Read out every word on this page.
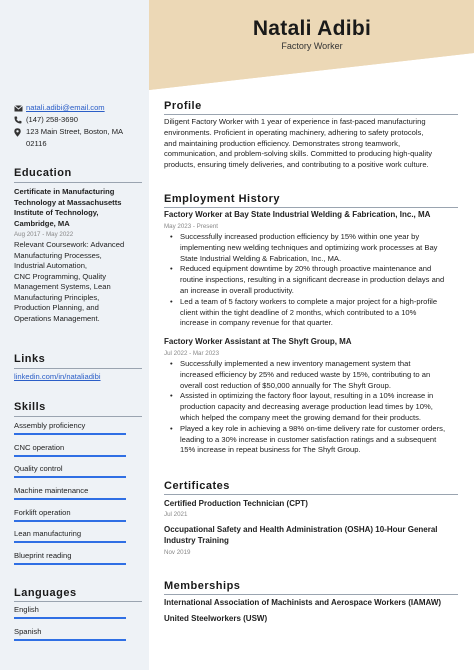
Natali Adibi
Factory Worker
natali.adibi@email.com
(147) 258-3690
123 Main Street, Boston, MA
02116
Education
Certificate in Manufacturing
Technology at Massachusetts
Institute of Technology,
Cambridge, MA
Aug 2017 - May 2022
Relevant Coursework: Advanced
Manufacturing Processes,
Industrial Automation,
CNC Programming, Quality
Management Systems, Lean
Manufacturing Principles,
Production Planning, and
Operations Management.
Links
linkedin.com/in/nataliadibi
Skills
Assembly proficiency
CNC operation
Quality control
Machine maintenance
Forklift operation
Lean manufacturing
Blueprint reading
Languages
English
Spanish
Profile
Diligent Factory Worker with 1 year of experience in fast-paced manufacturing
environments. Proficient in operating machinery, adhering to safety protocols,
and maintaining production efficiency. Demonstrates strong teamwork,
communication, and problem-solving skills. Committed to producing high-quality
products, ensuring timely deliveries, and contributing to a positive work culture.
Employment History
Factory Worker at Bay State Industrial Welding & Fabrication, Inc., MA
May 2023 - Present
• Successfully increased production efficiency by 15% within one year by
implementing new welding techniques and optimizing work processes at Bay
State Industrial Welding & Fabrication, Inc., MA.
• Reduced equipment downtime by 20% through proactive maintenance and
routine inspections, resulting in a significant decrease in production delays and
an increase in overall productivity.
• Led a team of 5 factory workers to complete a major project for a high-profile
client within the tight deadline of 2 months, which contributed to a 10%
increase in company revenue for that quarter.
Factory Worker Assistant at The Shyft Group, MA
Jul 2022 - Mar 2023
• Successfully implemented a new inventory management system that
increased efficiency by 25% and reduced waste by 15%, contributing to an
overall cost reduction of $50,000 annually for The Shyft Group.
• Assisted in optimizing the factory floor layout, resulting in a 10% increase in
production capacity and decreasing average production lead times by 10%,
which helped the company meet the growing demand for their products.
• Played a key role in achieving a 98% on-time delivery rate for customer orders,
leading to a 30% increase in customer satisfaction ratings and a subsequent
15% increase in repeat business for The Shyft Group.
Certificates
Certified Production Technician (CPT)
Jul 2021
Occupational Safety and Health Administration (OSHA) 10-Hour General
Industry Training
Nov 2019
Memberships
International Association of Machinists and Aerospace Workers (IAMAW)
United Steelworkers (USW)
